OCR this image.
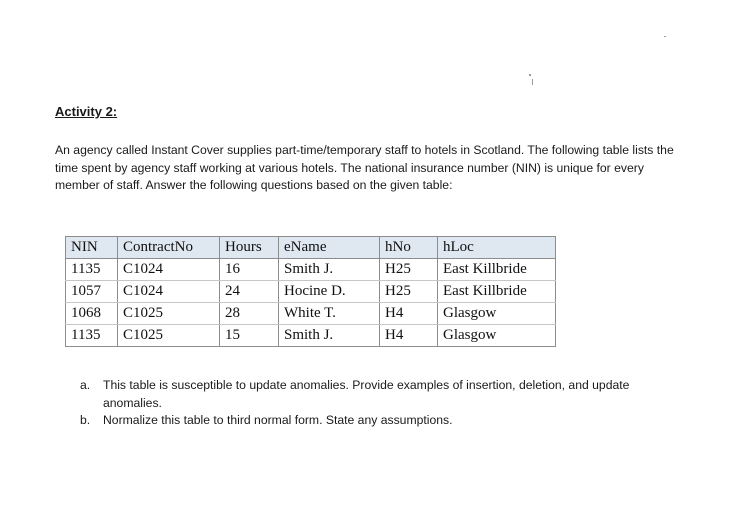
Activity 2:

An agency called Instant Cover supplies part-time/temporary staff to hotels in Scotland. The following table lists the time spent by agency staff working at various hotels. The national insurance number (NIN) is unique for every member of staff. Answer the following questions based on the given table:

NIN	ContractNo	Hours	eName	hNo	hLoc
1135	C1024	16	Smith J.	H25	East Killbride
1057	C1024	24	Hocine D.	H25	East Killbride
1068	C1025	28	White T.	H4	Glasgow
1135	C1025	15	Smith J.	H4	Glasgow
a.	This table is susceptible to update anomalies. Provide examples of insertion, deletion, and update anomalies.
b.	Normalize this table to third normal form. State any assumptions.
